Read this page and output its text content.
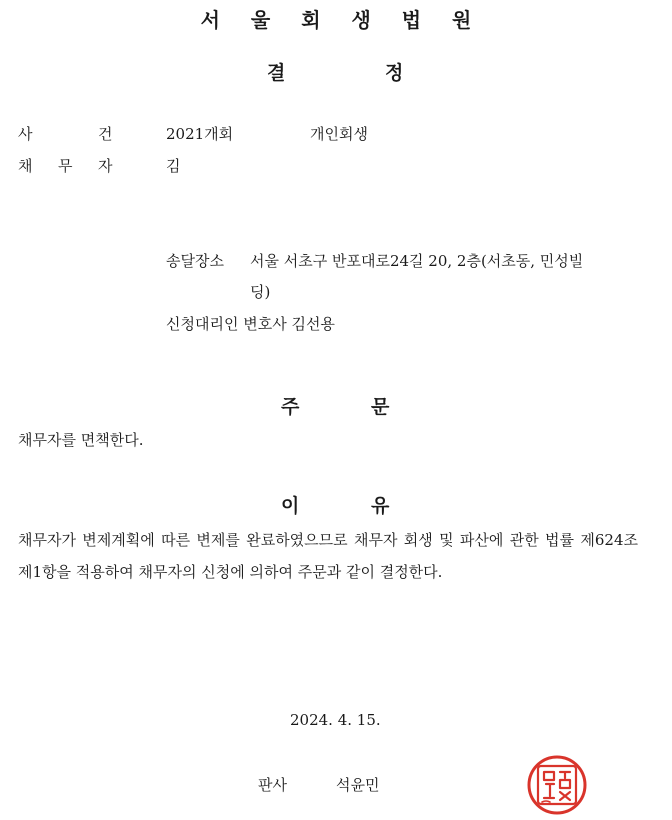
서 울 회 생 법 원
결	정
사	건	2021개회	개인회생
채 무 자	김
송달장소 서울 서초구 반포대로24길 20, 2층(서초동, 민성빌
딩)
신청대리인 변호사 김선용
주	문
채무자를 면책한다.
이	유
채무자가 변제계획에 따른 변제를 완료하였으므로 채무자 회생 및 파산에 관한 법률 제624조 제1항을 적용하여 채무자의 신청에 의하여 주문과 같이 결정한다.
2024. 4. 15.
판사	석윤민
